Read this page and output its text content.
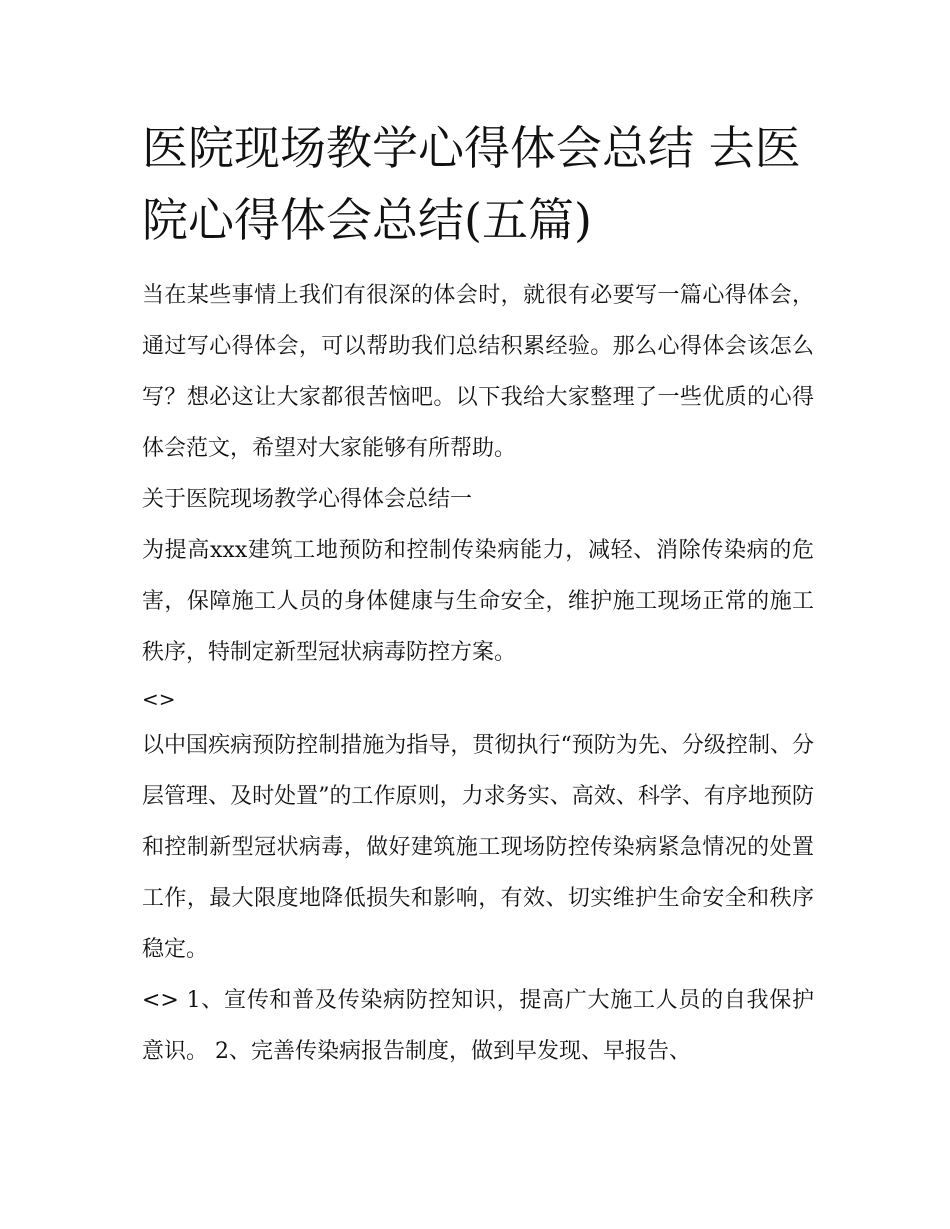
医院现场教学心得体会总结 去医院心得体会总结(五篇)

当在某些事情上我们有很深的体会时，就很有必要写一篇心得体会，通过写心得体会，可以帮助我们总结积累经验。那么心得体会该怎么写？想必这让大家都很苦恼吧。以下我给大家整理了一些优质的心得体会范文，希望对大家能够有所帮助。

关于医院现场教学心得体会总结一

为提高xxx建筑工地预防和控制传染病能力，减轻、消除传染病的危害，保障施工人员的身体健康与生命安全，维护施工现场正常的施工秩序，特制定新型冠状病毒防控方案。

<>

以中国疾病预防控制措施为指导，贯彻执行“预防为先、分级控制、分层管理、及时处置”的工作原则，力求务实、高效、科学、有序地预防和控制新型冠状病毒，做好建筑施工现场防控传染病紧急情况的处置工作，最大限度地降低损失和影响，有效、切实维护生命安全和秩序稳定。

<> 1、宣传和普及传染病防控知识，提高广大施工人员的自我保护意识。 2、完善传染病报告制度，做到早发现、早报告、
